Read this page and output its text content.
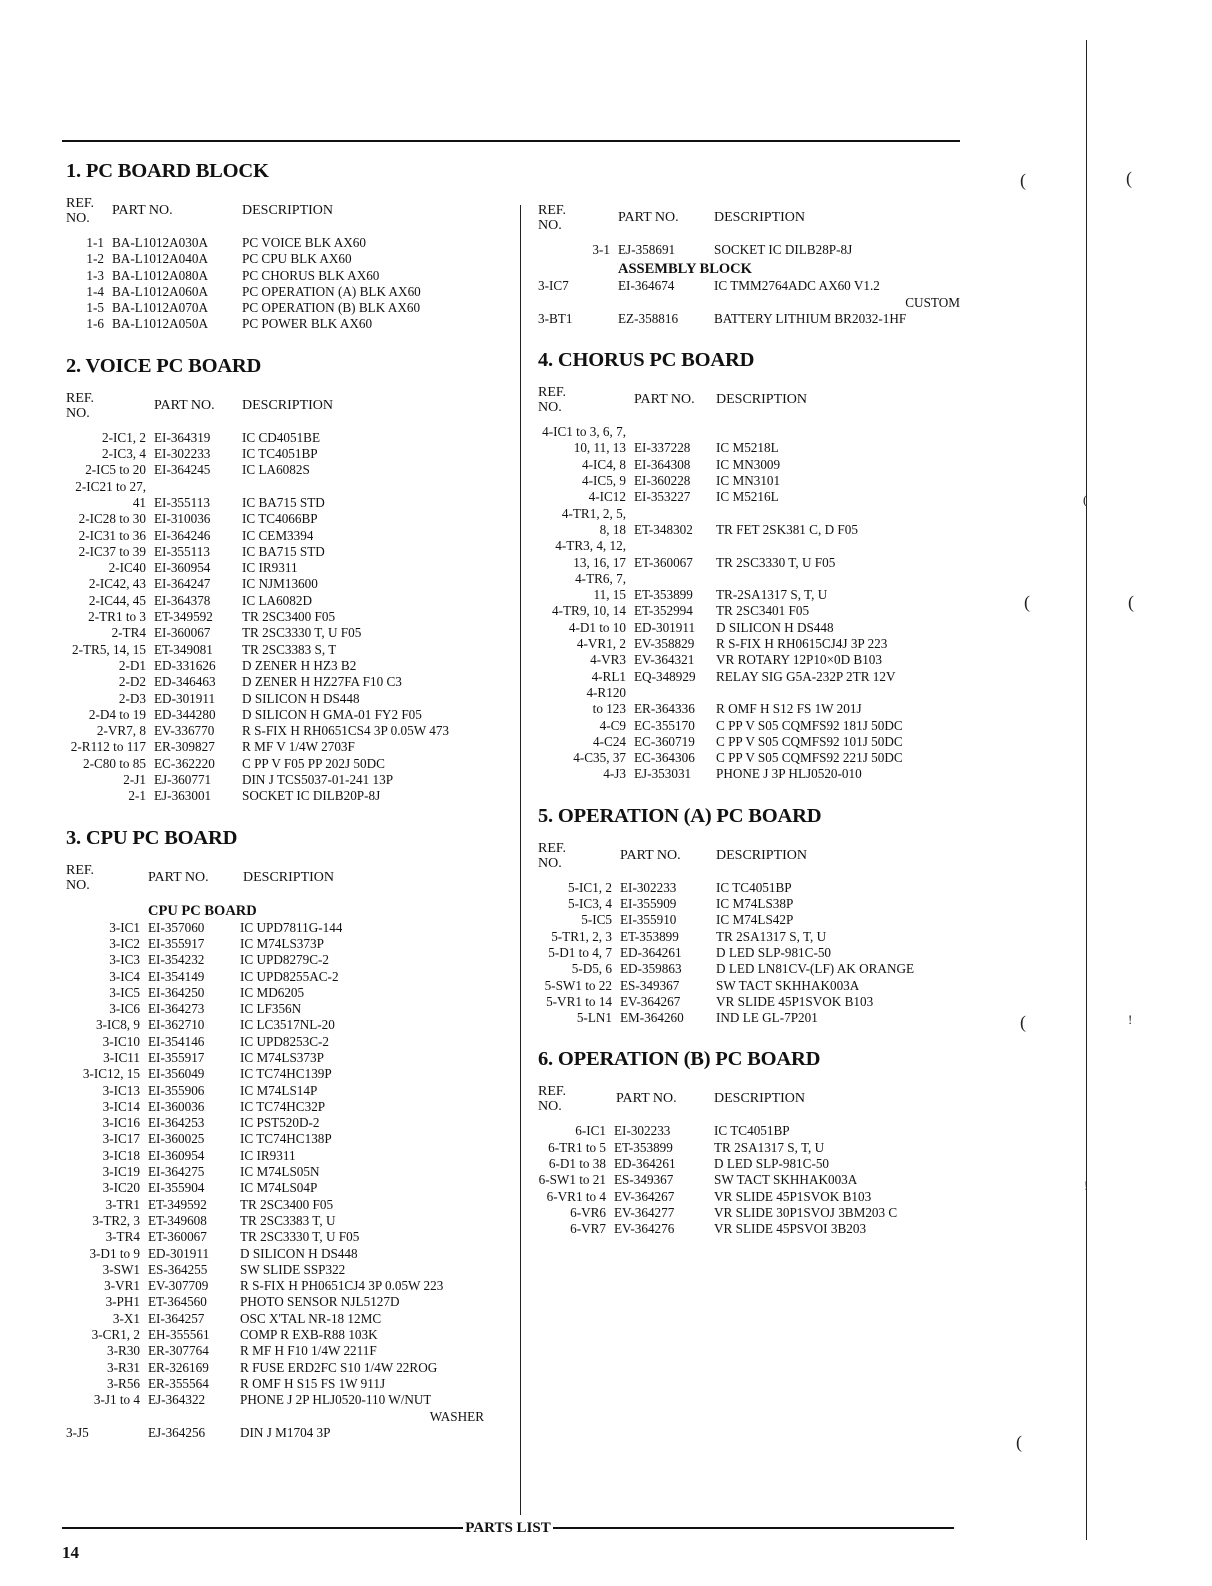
1. PC BOARD BLOCK
REF.
NO.
PART NO.	DESCRIPTION
1-1 BA-L1012A030A	PC VOICE BLK AX60
1-2 BA-L1012A040A	PC CPU BLK AX60
1-3 BA-L1012A080A	PC CHORUS BLK AX60
1-4 BA-L1012A060A	PC OPERATION (A) BLK AX60
1-5 BA-L1012A070A	PC OPERATION (B) BLK AX60
1-6 BA-L1012A050A	PC POWER BLK AX60
2. VOICE PC BOARD
REF.
NO.
PART NO.	DESCRIPTION
2-IC1, 2 EI-364319	IC CD4051BE
2-IC3, 4 EI-302233	IC TC4051BP
2-IC5 to 20 EI-364245	IC LA6082S
2-IC21 to 27,
41 EI-355113	IC BA715 STD
2-IC28 to 30 EI-310036	IC TC4066BP
2-IC31 to 36 EI-364246	IC CEM3394
2-IC37 to 39 EI-355113	IC BA715 STD
2-IC40 EI-360954	IC IR9311
2-IC42, 43 EI-364247	IC NJM13600
2-IC44, 45 EI-364378	IC LA6082D
2-TR1 to 3 ET-349592	TR 2SC3400 F05
2-TR4 EI-360067	TR 2SC3330 T, U F05
2-TR5, 14, 15 ET-349081	TR 2SC3383 S, T
2-D1 ED-331626	D ZENER H HZ3 B2
2-D2 ED-346463	D ZENER H HZ27FA F10 C3
2-D3 ED-301911	D SILICON H DS448
2-D4 to 19 ED-344280	D SILICON H GMA-01 FY2 F05
2-VR7, 8 EV-336770	R S-FIX H RH0651CS4 3P 0.05W 473
2-R112 to 117 ER-309827	R MF V 1/4W 2703F
2-C80 to 85 EC-362220	C PP V F05 PP 202J 50DC
2-J1 EJ-360771	DIN J TCS5037-01-241 13P
2-1 EJ-363001	SOCKET IC DILB20P-8J
3. CPU PC BOARD
REF.
NO.
PART NO.	DESCRIPTION
CPU PC BOARD
3-IC1 EI-357060	IC UPD7811G-144
3-IC2 EI-355917	IC M74LS373P
3-IC3 EI-354232	IC UPD8279C-2
3-IC4 EI-354149	IC UPD8255AC-2
3-IC5 EI-364250	IC MD6205
3-IC6 EI-364273	IC LF356N
3-IC8, 9 EI-362710	IC LC3517NL-20
3-IC10 EI-354146	IC UPD8253C-2
3-IC11 EI-355917	IC M74LS373P
3-IC12, 15 EI-356049	IC TC74HC139P
3-IC13 EI-355906	IC M74LS14P
3-IC14 EI-360036	IC TC74HC32P
3-IC16 EI-364253	IC PST520D-2
3-IC17 EI-360025	IC TC74HC138P
3-IC18 EI-360954	IC IR9311
3-IC19 EI-364275	IC M74LS05N
3-IC20 EI-355904	IC M74LS04P
3-TR1 ET-349592	TR 2SC3400 F05
3-TR2, 3 ET-349608	TR 2SC3383 T, U
3-TR4 ET-360067	TR 2SC3330 T, U F05
3-D1 to 9 ED-301911	D SILICON H DS448
3-SW1 ES-364255	SW SLIDE SSP322
3-VR1 EV-307709	R S-FIX H PH0651CJ4 3P 0.05W 223
3-PH1 ET-364560	PHOTO SENSOR NJL5127D
3-X1 EI-364257	OSC X'TAL NR-18 12MC
3-CR1, 2 EH-355561	COMP R EXB-R88 103K
3-R30 ER-307764	R MF H F10 1/4W 2211F
3-R31 ER-326169	R FUSE ERD2FC S10 1/4W 22ROG
3-R56 ER-355564	R OMF H S15 FS 1W 911J
3-J1 to 4 EJ-364322	PHONE J 2P HLJ0520-110 W/NUT
WASHER
3-J5	EJ-364256	DIN J M1704 3P
REF.
NO.
PART NO.	DESCRIPTION
3-1 EJ-358691	SOCKET IC DILB28P-8J
ASSEMBLY BLOCK
3-IC7	EI-364674	IC TMM2764ADC AX60 V1.2
CUSTOM
3-BT1	EZ-358816	BATTERY LITHIUM BR2032-1HF
4. CHORUS PC BOARD
REF.
NO.
PART NO.	DESCRIPTION
4-IC1 to 3, 6, 7,
10, 11, 13 EI-337228	IC M5218L
4-IC4, 8 EI-364308	IC MN3009
4-IC5, 9 EI-360228	IC MN3101
4-IC12 EI-353227	IC M5216L
4-TR1, 2, 5,
8, 18 ET-348302	TR FET 2SK381 C, D F05
4-TR3, 4, 12,
13, 16, 17 ET-360067	TR 2SC3330 T, U F05
4-TR6, 7,
11, 15 ET-353899	TR-2SA1317 S, T, U
4-TR9, 10, 14 ET-352994	TR 2SC3401 F05
4-D1 to 10 ED-301911	D SILICON H DS448
4-VR1, 2 EV-358829	R S-FIX H RH0615CJ4J 3P 223
4-VR3 EV-364321	VR ROTARY 12P10×0D B103
4-RL1 EQ-348929	RELAY SIG G5A-232P 2TR 12V
4-R120
to 123 ER-364336	R OMF H S12 FS 1W 201J
4-C9 EC-355170	C PP V S05 CQMFS92 181J 50DC
4-C24 EC-360719	C PP V S05 CQMFS92 101J 50DC
4-C35, 37 EC-364306	C PP V S05 CQMFS92 221J 50DC
4-J3 EJ-353031	PHONE J 3P HLJ0520-010
5. OPERATION (A) PC BOARD
REF.
NO.
PART NO.	DESCRIPTION
5-IC1, 2 EI-302233	IC TC4051BP
5-IC3, 4 EI-355909	IC M74LS38P
5-IC5 EI-355910	IC M74LS42P
5-TR1, 2, 3 ET-353899	TR 2SA1317 S, T, U
5-D1 to 4, 7 ED-364261	D LED SLP-981C-50
5-D5, 6 ED-359863	D LED LN81CV-(LF) AK ORANGE
5-SW1 to 22 ES-349367	SW TACT SKHHAK003A
5-VR1 to 14 EV-364267	VR SLIDE 45P1SVOK B103
5-LN1 EM-364260	IND LE GL-7P201
6. OPERATION (B) PC BOARD
REF.
NO.
PART NO.	DESCRIPTION
6-IC1 EI-302233	IC TC4051BP
6-TR1 to 5 ET-353899	TR 2SA1317 S, T, U
6-D1 to 38 ED-364261	D LED SLP-981C-50
6-SW1 to 21 ES-349367	SW TACT SKHHAK003A
6-VR1 to 4 EV-364267	VR SLIDE 45P1SVOK B103
6-VR6 EV-364277	VR SLIDE 30P1SVOJ 3BM203 C
6-VR7 EV-364276	VR SLIDE 45PSVOI 3B203
PARTS LIST
14
(	(
(	(
(
(
(
!
!
